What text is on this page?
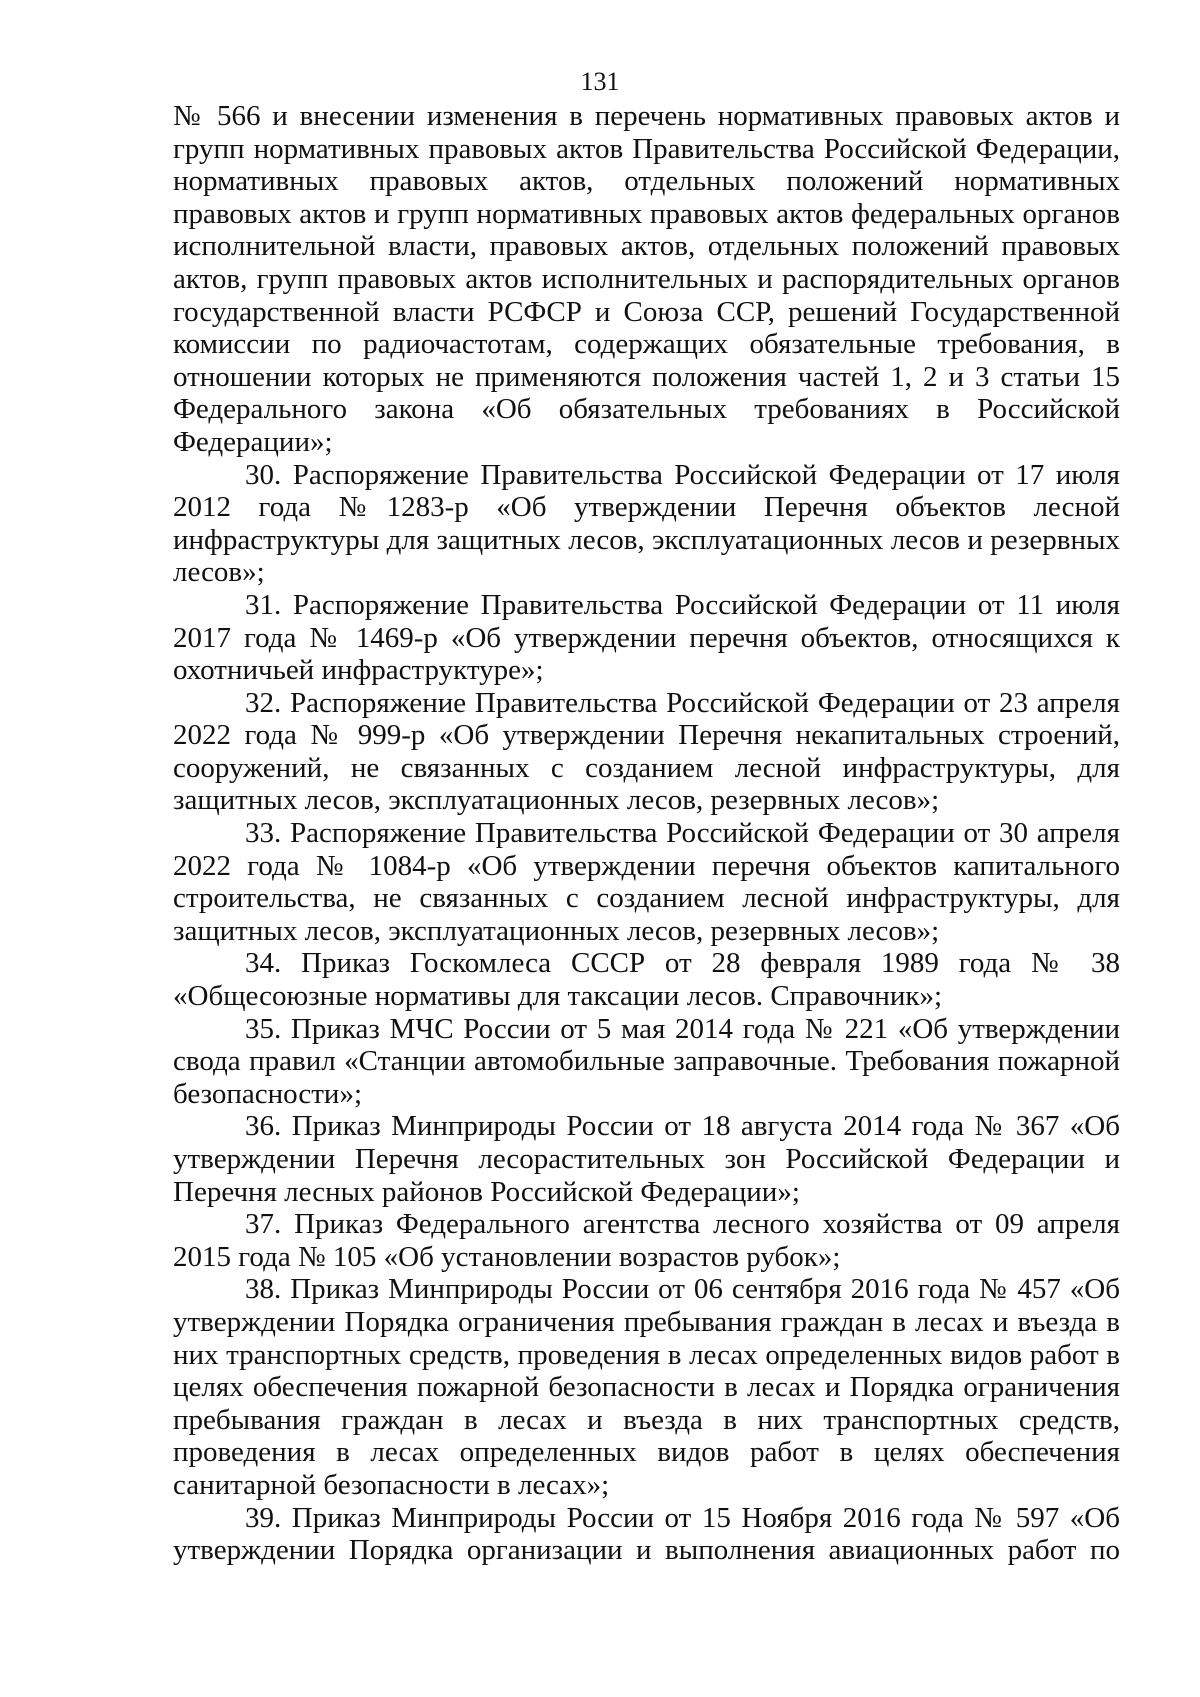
131

№ 566 и внесении изменения в перечень нормативных правовых актов и групп нормативных правовых актов Правительства Российской Федерации, нормативных правовых актов, отдельных положений нормативных правовых актов и групп нормативных правовых актов федеральных органов исполнительной власти, правовых актов, отдельных положений правовых актов, групп правовых актов исполнительных и распорядительных органов государственной власти РСФСР и Союза ССР, решений Государственной комиссии по радиочастотам, содержащих обязательные требования, в отношении которых не применяются положения частей 1, 2 и 3 статьи 15 Федерального закона «Об обязательных требованиях в Российской Федерации»;

30. Распоряжение Правительства Российской Федерации от 17 июля 2012 года №1283-р «Об утверждении Перечня объектов лесной инфраструктуры для защитных лесов, эксплуатационных лесов и резервных лесов»;

31. Распоряжение Правительства Российской Федерации от 11 июля 2017 года № 1469-р «Об утверждении перечня объектов, относящихся к охотничьей инфраструктуре»;

32. Распоряжение Правительства Российской Федерации от 23 апреля 2022 года № 999-р «Об утверждении Перечня некапитальных строений, сооружений, не связанных с созданием лесной инфраструктуры, для защитных лесов, эксплуатационных лесов, резервных лесов»;

33. Распоряжение Правительства Российской Федерации от 30 апреля 2022 года № 1084-р «Об утверждении перечня объектов капитального строительства, не связанных с созданием лесной инфраструктуры, для защитных лесов, эксплуатационных лесов, резервных лесов»;

34. Приказ Госкомлеса СССР от 28 февраля 1989 года № 38 «Общесоюзные нормативы для таксации лесов. Справочник»;

35. Приказ МЧС России от 5 мая 2014 года № 221 «Об утверждении свода правил «Станции автомобильные заправочные. Требования пожарной безопасности»;

36. Приказ Минприроды России от 18 августа 2014 года № 367 «Об утверждении Перечня лесорастительных зон Российской Федерации и Перечня лесных районов Российской Федерации»;

37. Приказ Федерального агентства лесного хозяйства от 09 апреля 2015 года № 105 «Об установлении возрастов рубок»;

38. Приказ Минприроды России от 06 сентября 2016 года № 457 «Об утверждении Порядка ограничения пребывания граждан в лесах и въезда в них транспортных средств, проведения в лесах определенных видов работ в целях обеспечения пожарной безопасности в лесах и Порядка ограничения пребывания граждан в лесах и въезда в них транспортных средств, проведения в лесах определенных видов работ в целях обеспечения санитарной безопасности в лесах»;

39. Приказ Минприроды России от 15 Ноября 2016 года № 597 «Об утверждении Порядка организации и выполнения авиационных работ по
